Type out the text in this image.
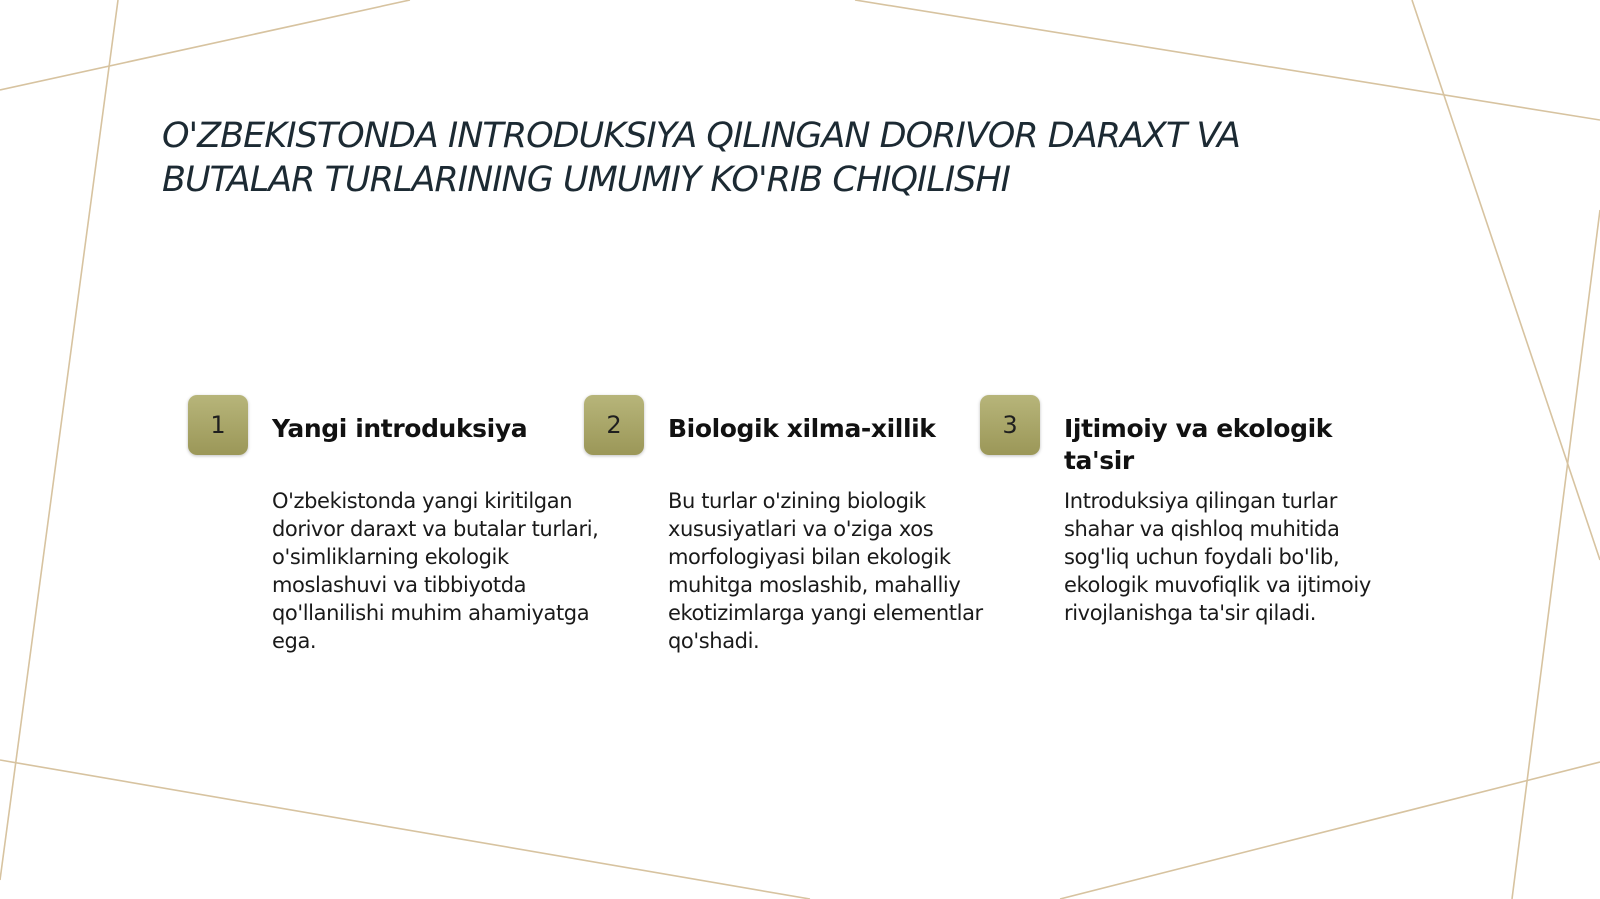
O'ZBEKISTONDA INTRODUKSIYA QILINGAN DORIVOR DARAXT VA
BUTALAR TURLARINING UMUMIY KO'RIB CHIQILISHI
1	Yangi introduksiya
O'zbekistonda yangi kiritilgan dorivor daraxt va butalar turlari, o'simliklarning ekologik moslashuvi va tibbiyotda qo'llanilishi muhim ahamiyatga ega.
2	Biologik xilma-xillik
Bu turlar o'zining biologik xususiyatlari va o'ziga xos morfologiyasi bilan ekologik muhitga moslashib, mahalliy ekotizimlarga yangi elementlar qo'shadi.
3	Ijtimoiy va ekologik ta'sir
Introduksiya qilingan turlar shahar va qishloq muhitida sog'liq uchun foydali bo'lib, ekologik muvofiqlik va ijtimoiy rivojlanishga ta'sir qiladi.
